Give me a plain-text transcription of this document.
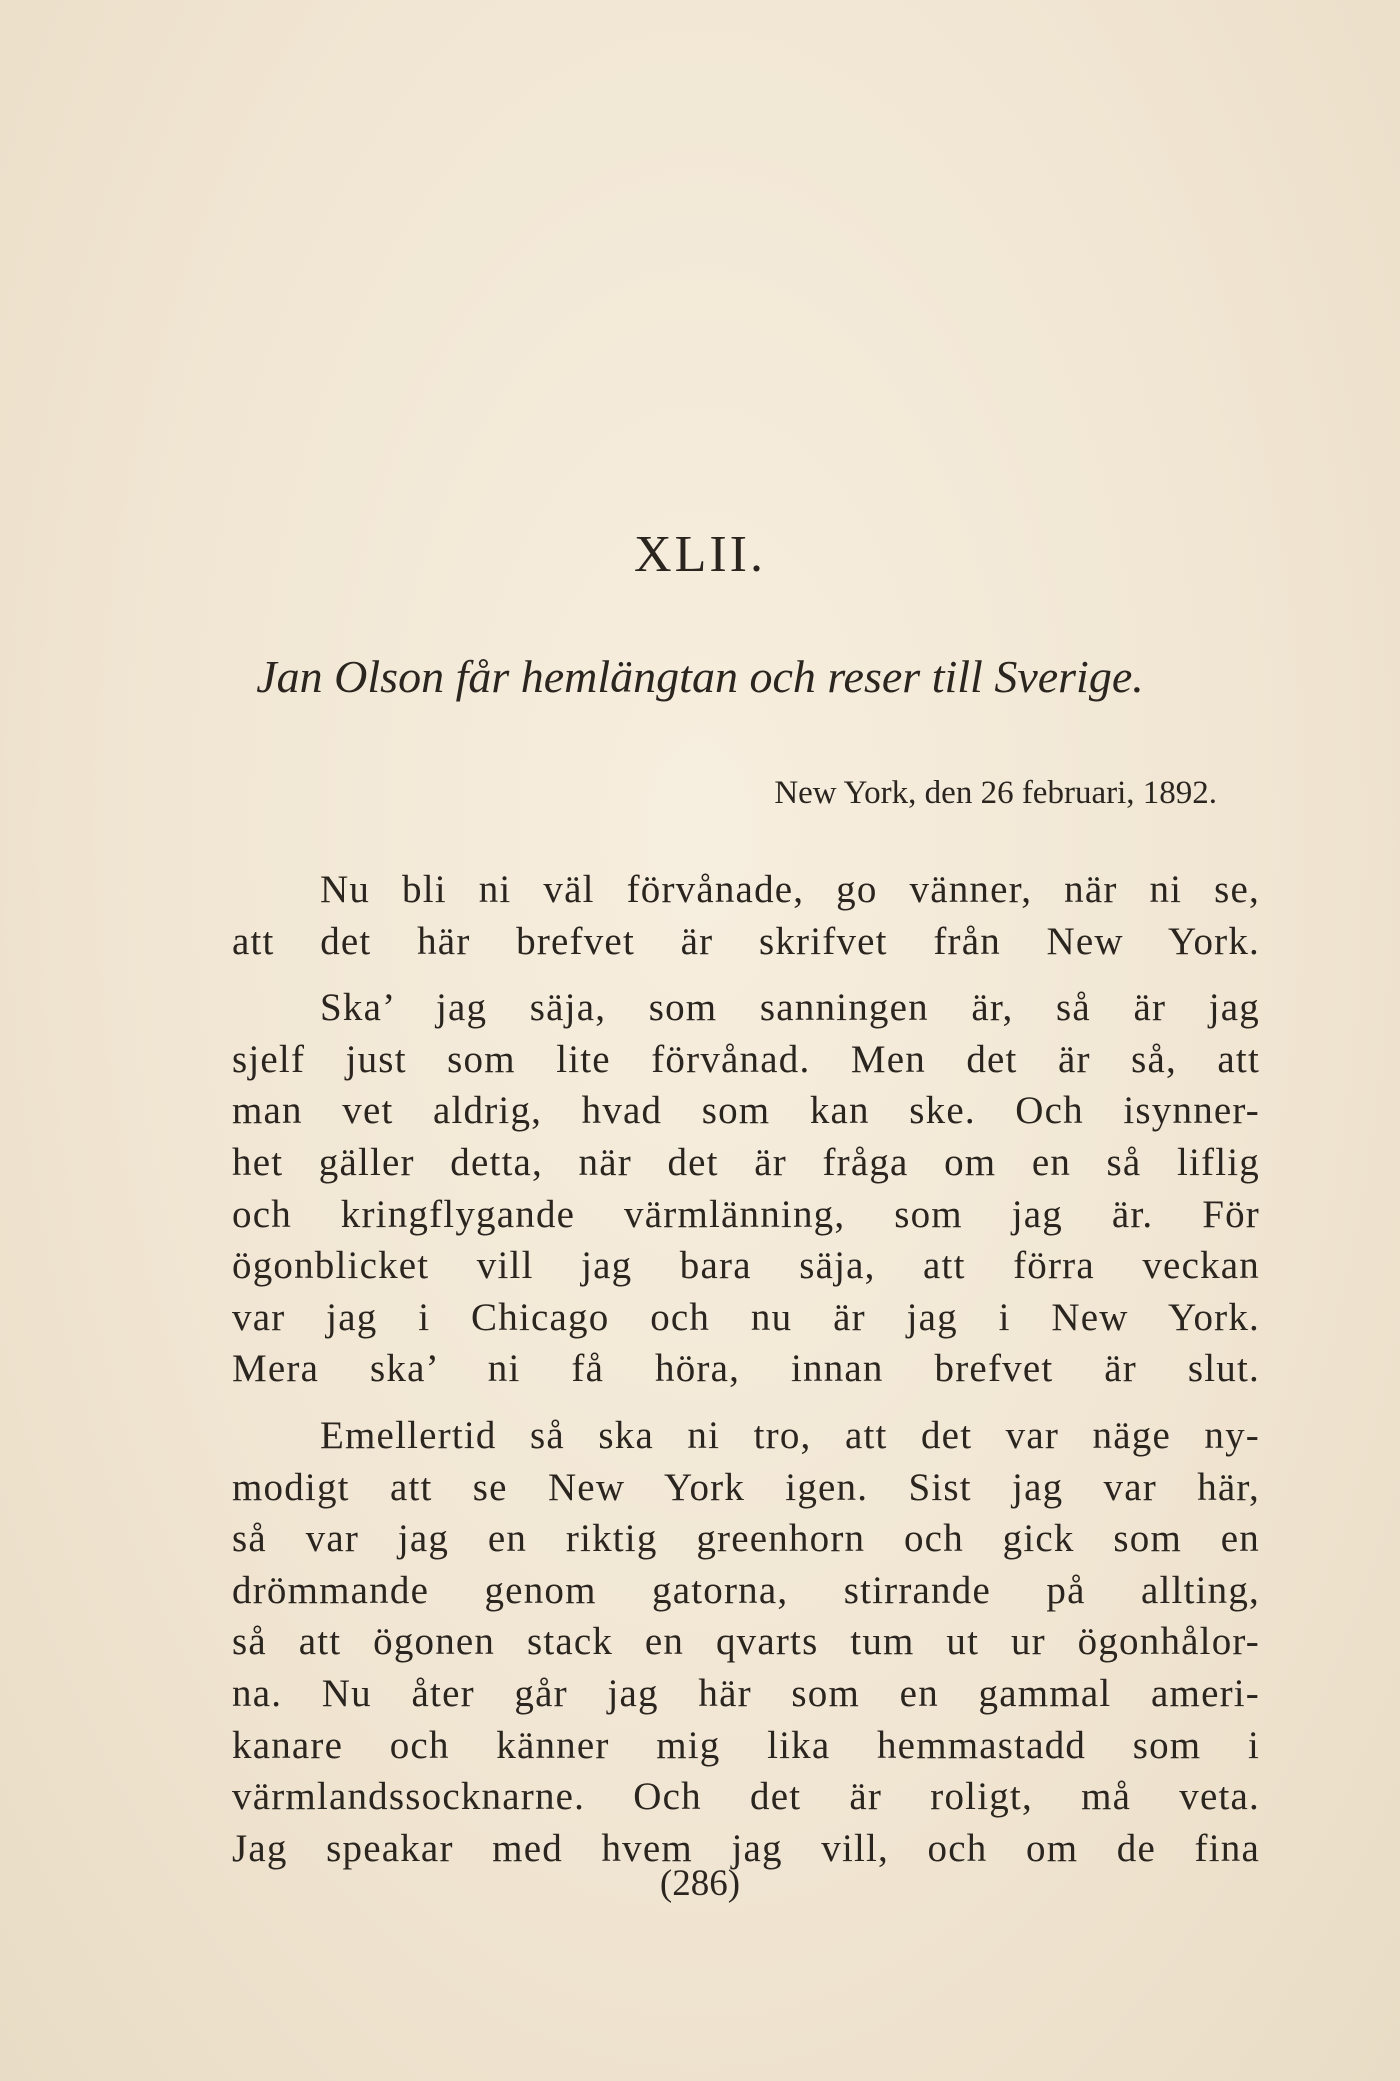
XLII.
Jan Olson får hemlängtan och reser till Sverige.

New York, den 26 februari, 1892.

Nu bli ni väl förvånade, go vänner, när ni se,
att det här brefvet är skrifvet från New York.

Ska’ jag säja, som sanningen är, så är jag
sjelf just som lite förvånad. Men det är så, att
man vet aldrig, hvad som kan ske. Och isynner-
het gäller detta, när det är fråga om en så liflig
och kringflygande värmlänning, som jag är. För
ögonblicket vill jag bara säja, att förra veckan
var jag i Chicago och nu är jag i New York.
Mera ska’ ni få höra, innan brefvet är slut.

Emellertid så ska ni tro, att det var näge ny-
modigt att se New York igen. Sist jag var här,
så var jag en riktig greenhorn och gick som en
drömmande genom gatorna, stirrande på allting,
så att ögonen stack en qvarts tum ut ur ögonhålor-
na. Nu åter går jag här som en gammal ameri-
kanare och känner mig lika hemmastadd som i
värmlandssocknarne. Och det är roligt, må veta.
Jag speakar med hvem jag vill, och om de fina

(286)
